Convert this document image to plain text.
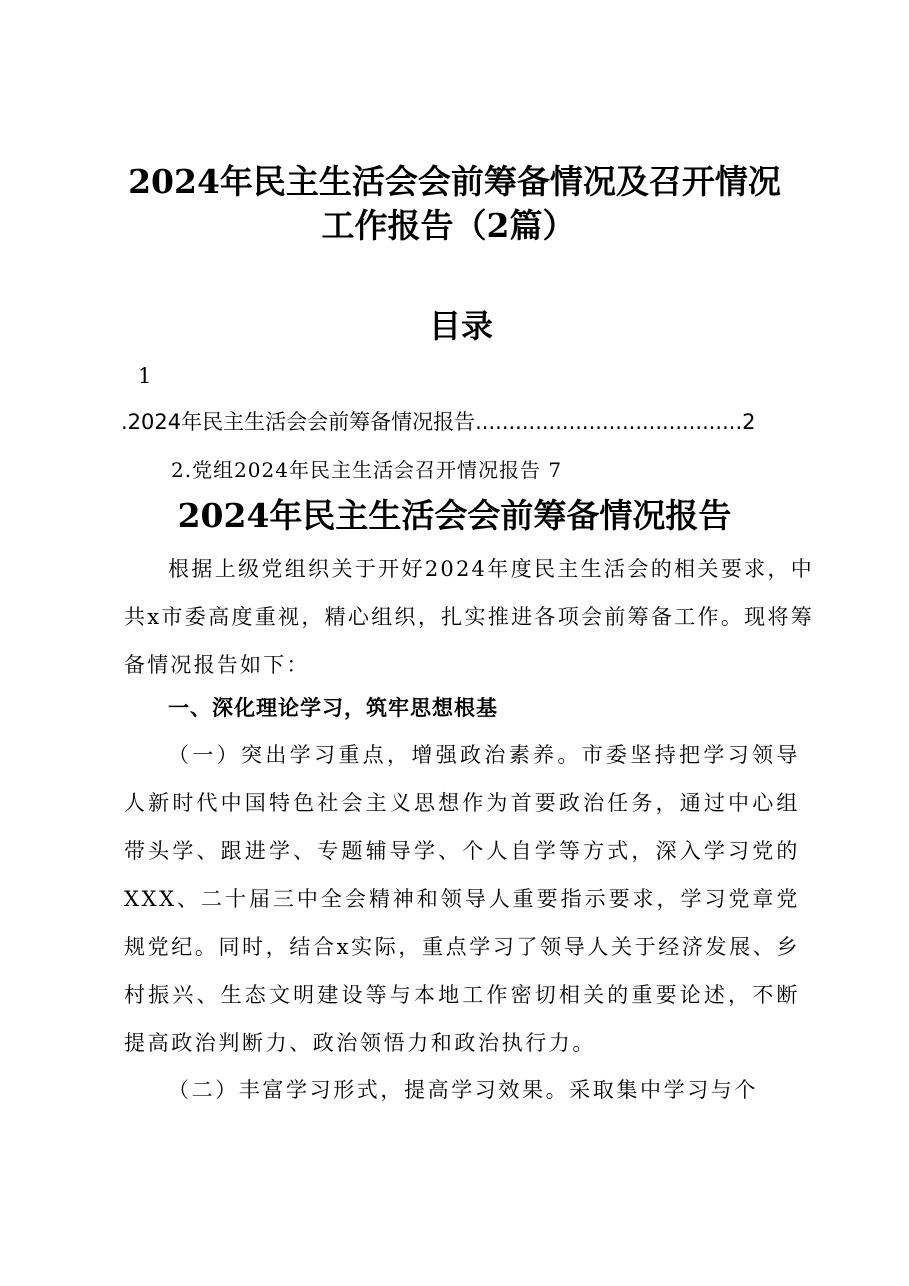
2024年民主生活会会前筹备情况及召开情况
工作报告（2篇）
目录
1
.2024年民主生活会会前筹备情况报告........................................2
2.党组2024年民主生活会召开情况报告 7
2024年民主生活会会前筹备情况报告

根据上级党组织关于开好2024年度民主生活会的相关要求，中共x市委高度重视，精心组织，扎实推进各项会前筹备工作。现将筹备情况报告如下：

一、深化理论学习，筑牢思想根基

（一）突出学习重点，增强政治素养。市委坚持把学习领导人新时代中国特色社会主义思想作为首要政治任务，通过中心组带头学、跟进学、专题辅导学、个人自学等方式，深入学习党的XXX、二十届三中全会精神和领导人重要指示要求，学习党章党规党纪。同时，结合x实际，重点学习了领导人关于经济发展、乡村振兴、生态文明建设等与本地工作密切相关的重要论述，不断提高政治判断力、政治领悟力和政治执行力。

（二）丰富学习形式，提高学习效果。采取集中学习与个
